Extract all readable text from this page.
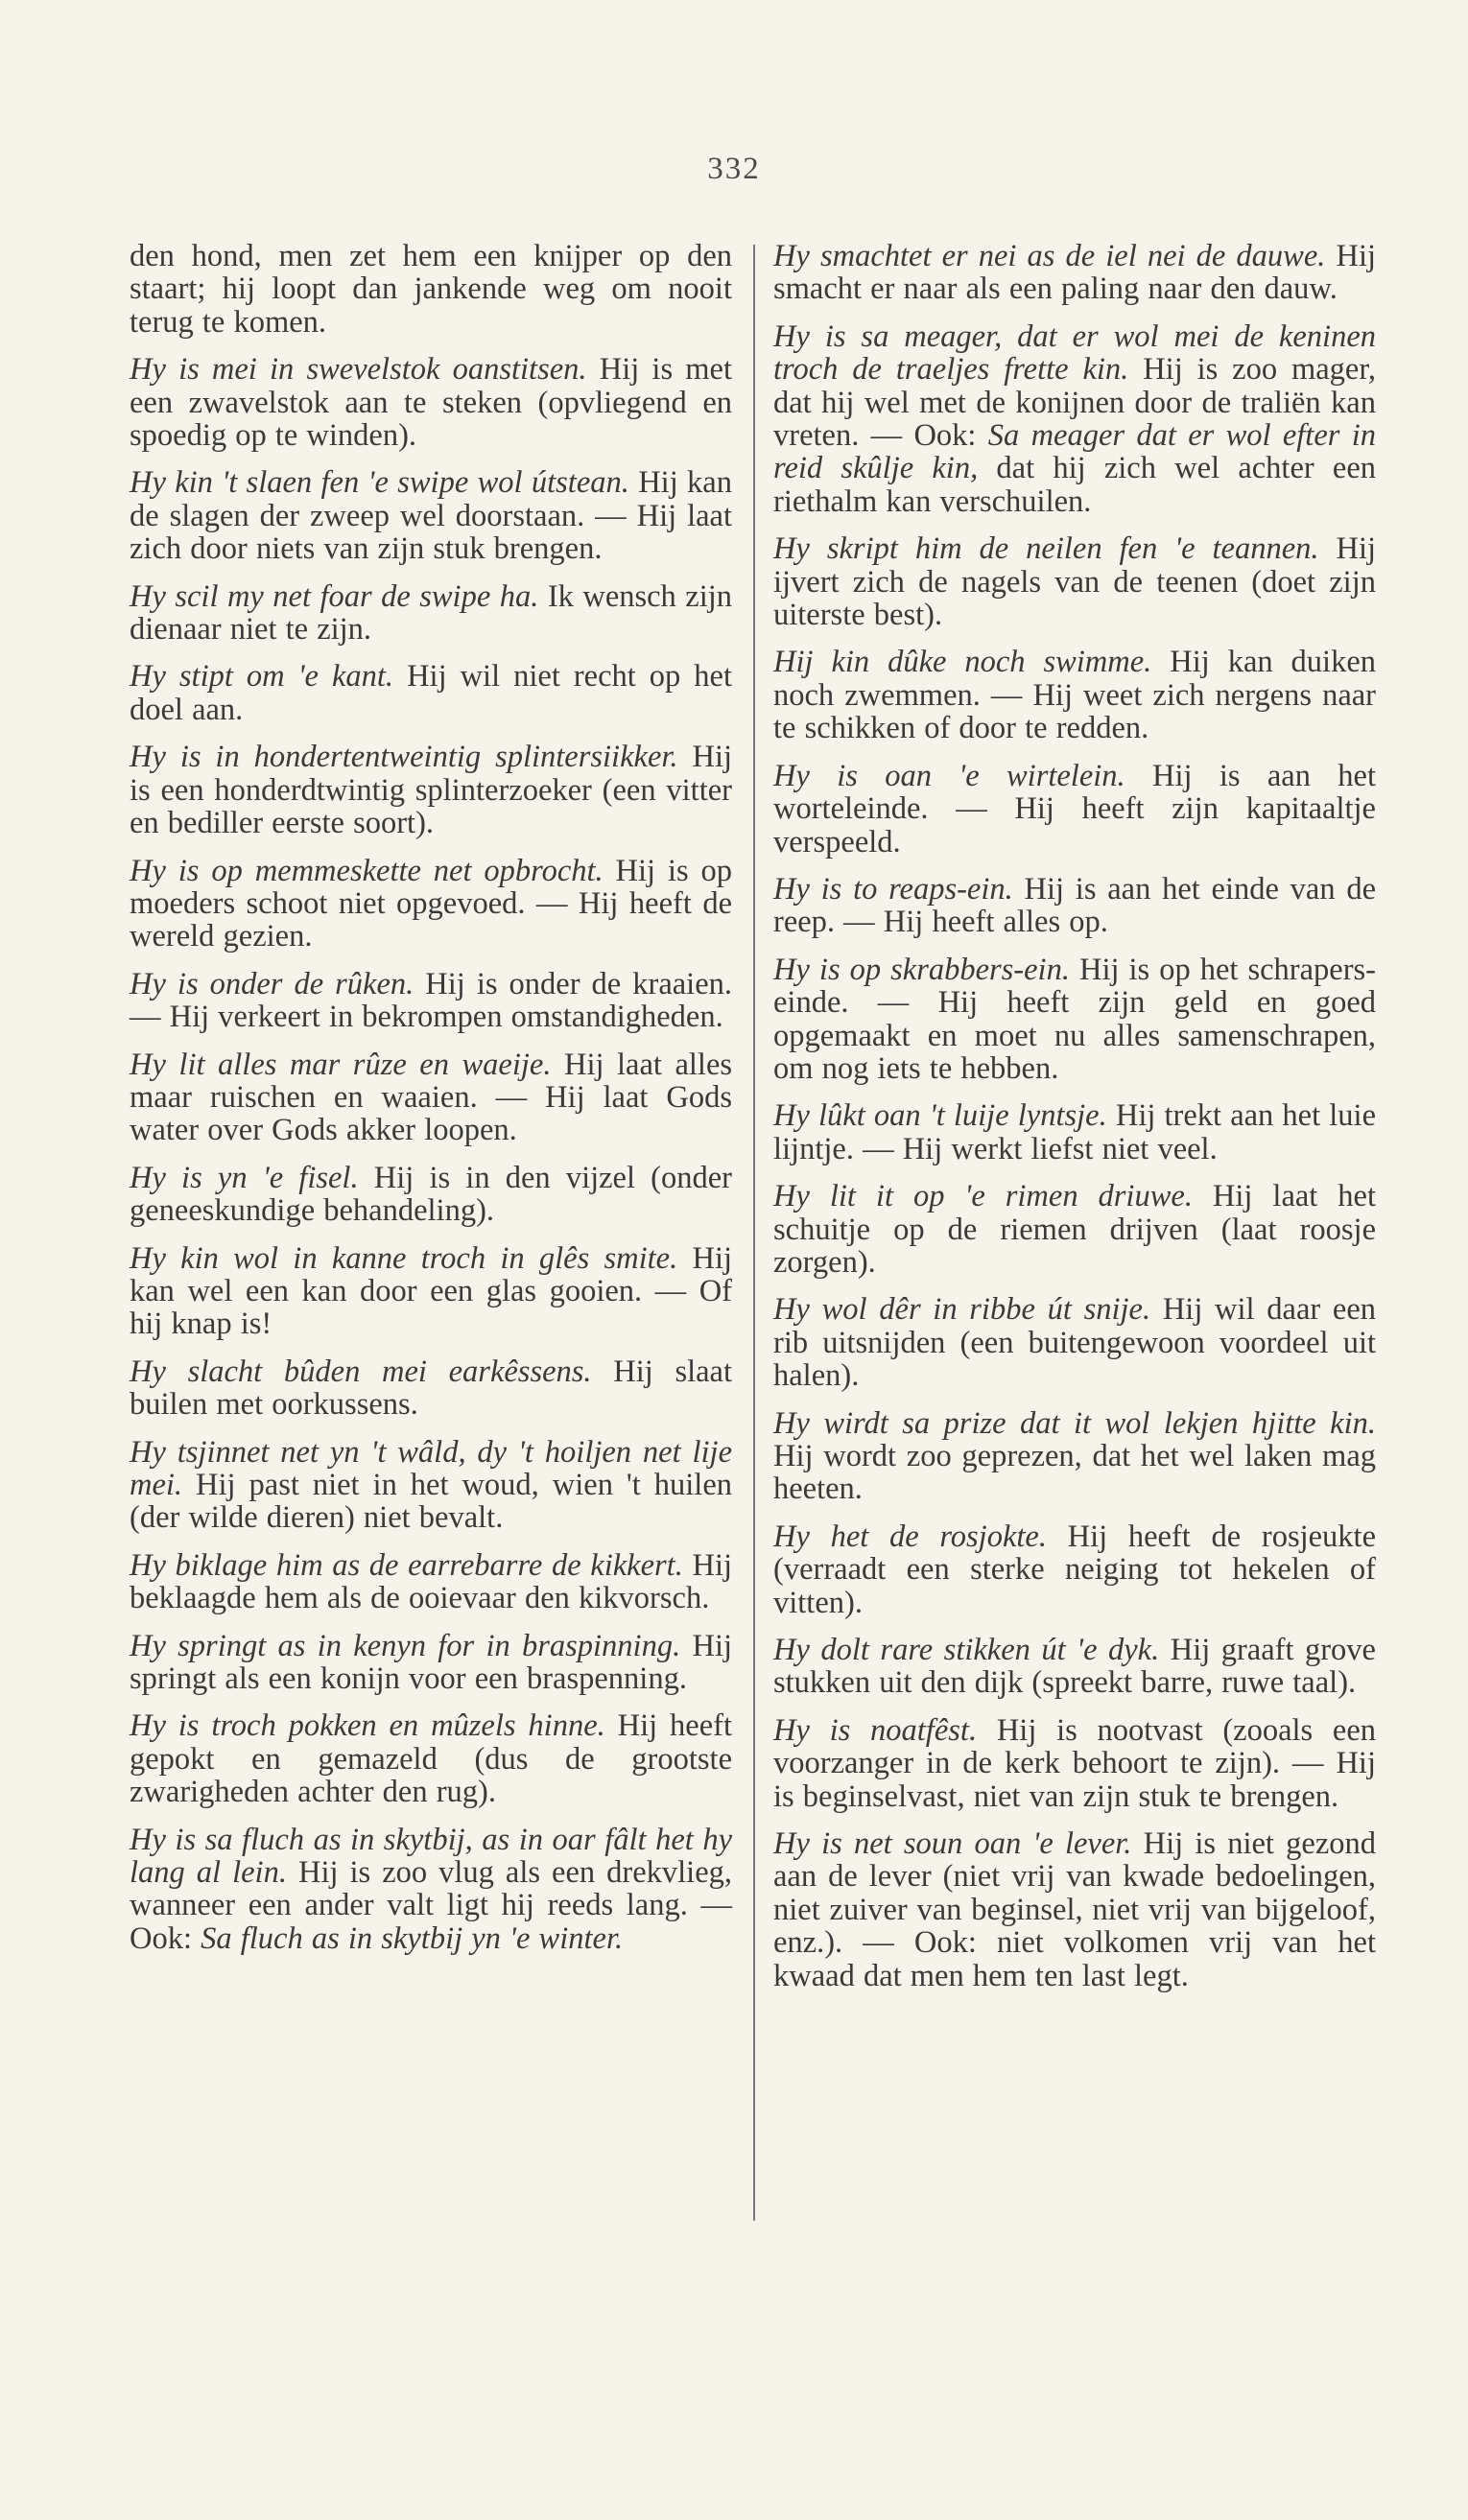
332

den hond, men zet hem een knijper op den staart; hij loopt dan jankende weg om nooit terug te komen.

Hy is mei in swevelstok oanstitsen. Hij is met een zwavelstok aan te steken (opvliegend en spoedig op te winden).

Hy kin 't slaen fen 'e swipe wol útstean. Hij kan de slagen der zweep wel doorstaan. — Hij laat zich door niets van zijn stuk brengen.

Hy scil my net foar de swipe ha. Ik wensch zijn dienaar niet te zijn.

Hy stipt om 'e kant. Hij wil niet recht op het doel aan.

Hy is in hondertentweintig splintersiikker. Hij is een honderdtwintig splinterzoeker (een vitter en bediller eerste soort).

Hy is op memmeskette net opbrocht. Hij is op moeders schoot niet opgevoed. — Hij heeft de wereld gezien.

Hy is onder de rûken. Hij is onder de kraaien. — Hij verkeert in bekrompen omstandigheden.

Hy lit alles mar rûze en waeije. Hij laat alles maar ruischen en waaien. — Hij laat Gods water over Gods akker loopen.

Hy is yn 'e fisel. Hij is in den vijzel (onder geneeskundige behandeling).

Hy kin wol in kanne troch in glês smite. Hij kan wel een kan door een glas gooien. — Of hij knap is!

Hy slacht bûden mei earkêssens. Hij slaat builen met oorkussens.

Hy tsjinnet net yn 't wâld, dy 't hoiljen net lije mei. Hij past niet in het woud, wien 't huilen (der wilde dieren) niet bevalt.

Hy biklage him as de earrebarre de kikkert. Hij beklaagde hem als de ooievaar den kikvorsch.

Hy springt as in kenyn for in braspinning. Hij springt als een konijn voor een braspenning.

Hy is troch pokken en mûzels hinne. Hij heeft gepokt en gemazeld (dus de grootste zwarigheden achter den rug).

Hy is sa fluch as in skytbij, as in oar fâlt het hy lang al lein. Hij is zoo vlug als een drekvlieg, wanneer een ander valt ligt hij reeds lang. — Ook: Sa fluch as in skytbij yn 'e winter.

Hy smachtet er nei as de iel nei de dauwe. Hij smacht er naar als een paling naar den dauw.

Hy is sa meager, dat er wol mei de keninen troch de traeljes frette kin. Hij is zoo mager, dat hij wel met de konijnen door de traliën kan vreten. — Ook: Sa meager dat er wol efter in reid skûlje kin, dat hij zich wel achter een riethalm kan verschuilen.

Hy skript him de neilen fen 'e teannen. Hij ijvert zich de nagels van de teenen (doet zijn uiterste best).

Hij kin dûke noch swimme. Hij kan duiken noch zwemmen. — Hij weet zich nergens naar te schikken of door te redden.

Hy is oan 'e wirtelein. Hij is aan het worteleinde. — Hij heeft zijn kapitaaltje verspeeld.

Hy is to reaps-ein. Hij is aan het einde van de reep. — Hij heeft alles op.

Hy is op skrabbers-ein. Hij is op het schrapers-einde. — Hij heeft zijn geld en goed opgemaakt en moet nu alles samenschrapen, om nog iets te hebben.

Hy lûkt oan 't luije lyntsje. Hij trekt aan het luie lijntje. — Hij werkt liefst niet veel.

Hy lit it op 'e rimen driuwe. Hij laat het schuitje op de riemen drijven (laat roosje zorgen).

Hy wol dêr in ribbe út snije. Hij wil daar een rib uitsnijden (een buitengewoon voordeel uit halen).

Hy wirdt sa prize dat it wol lekjen hjitte kin. Hij wordt zoo geprezen, dat het wel laken mag heeten.

Hy het de rosjokte. Hij heeft de rosjeukte (verraadt een sterke neiging tot hekelen of vitten).

Hy dolt rare stikken út 'e dyk. Hij graaft grove stukken uit den dijk (spreekt barre, ruwe taal).

Hy is noatfêst. Hij is nootvast (zooals een voorzanger in de kerk behoort te zijn). — Hij is beginselvast, niet van zijn stuk te brengen.

Hy is net soun oan 'e lever. Hij is niet gezond aan de lever (niet vrij van kwade bedoelingen, niet zuiver van beginsel, niet vrij van bijgeloof, enz.). — Ook: niet volkomen vrij van het kwaad dat men hem ten last legt.
